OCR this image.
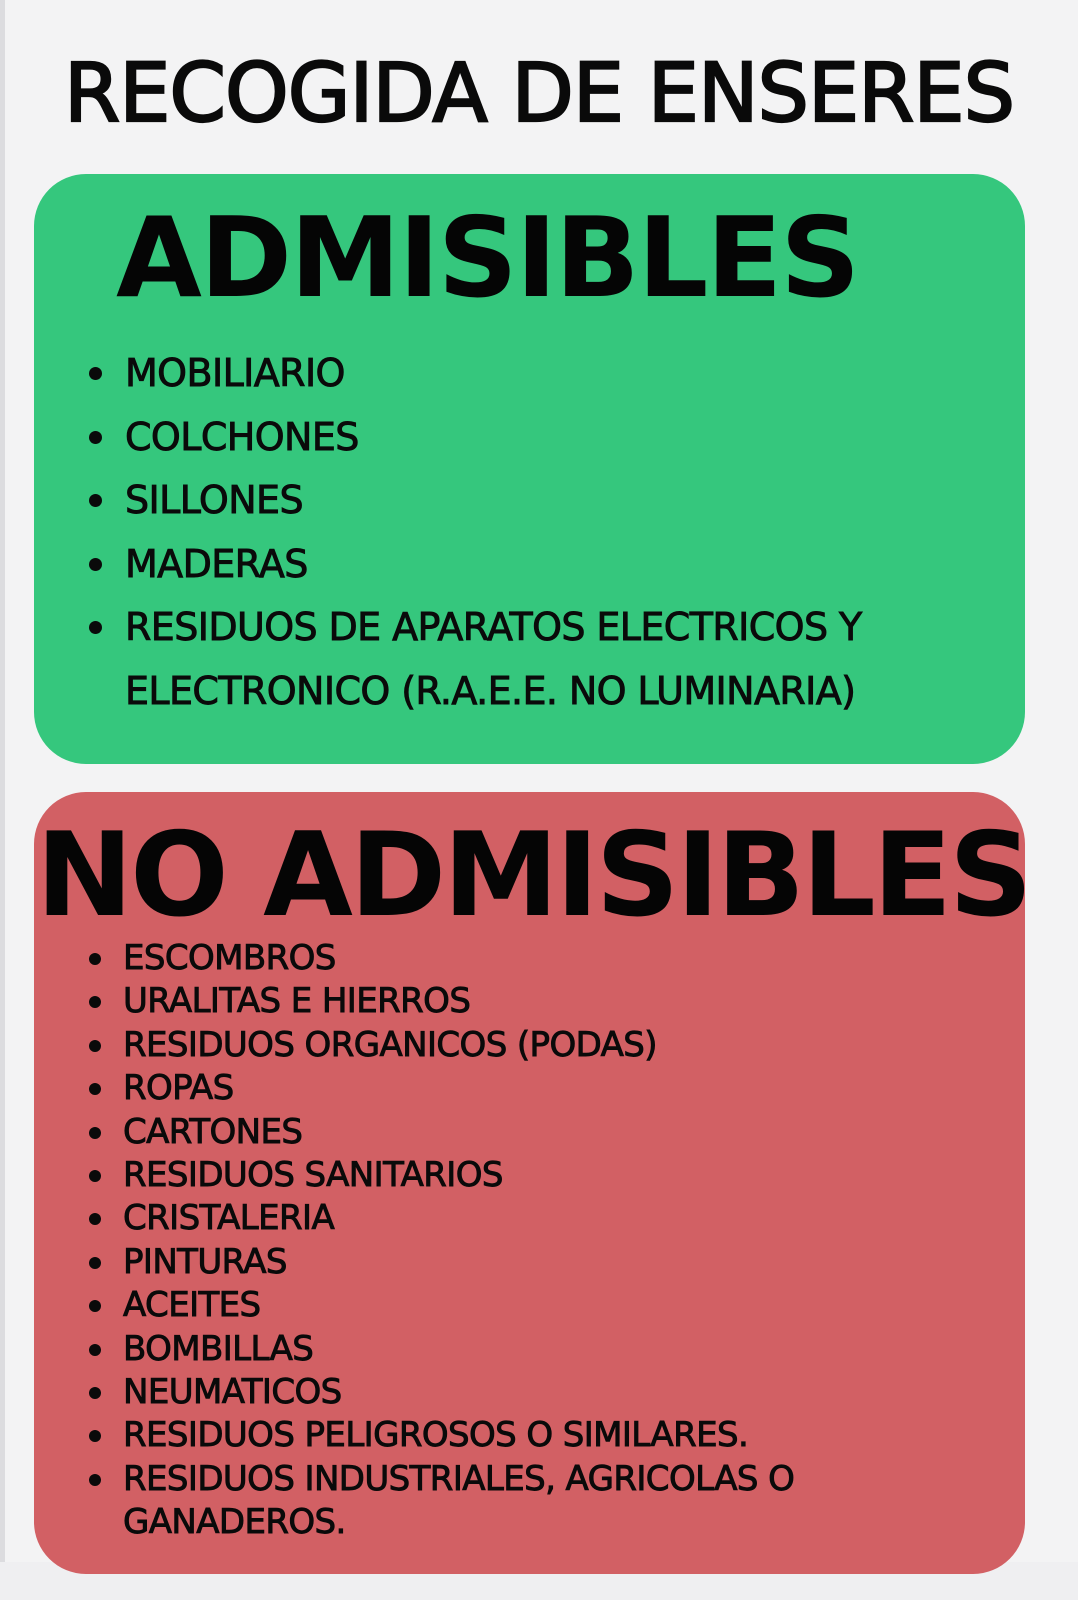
RECOGIDA DE ENSERES
ADMISIBLES
MOBILIARIO
COLCHONES
SILLONES
MADERAS
RESIDUOS DE APARATOS ELECTRICOS Y ELECTRONICO (R.A.E.E. NO LUMINARIA)
NO ADMISIBLES
ESCOMBROS
URALITAS E HIERROS
RESIDUOS ORGANICOS (PODAS)
ROPAS
CARTONES
RESIDUOS SANITARIOS
CRISTALERIA
PINTURAS
ACEITES
BOMBILLAS
NEUMATICOS
RESIDUOS PELIGROSOS O SIMILARES.
RESIDUOS INDUSTRIALES, AGRICOLAS O GANADEROS.
